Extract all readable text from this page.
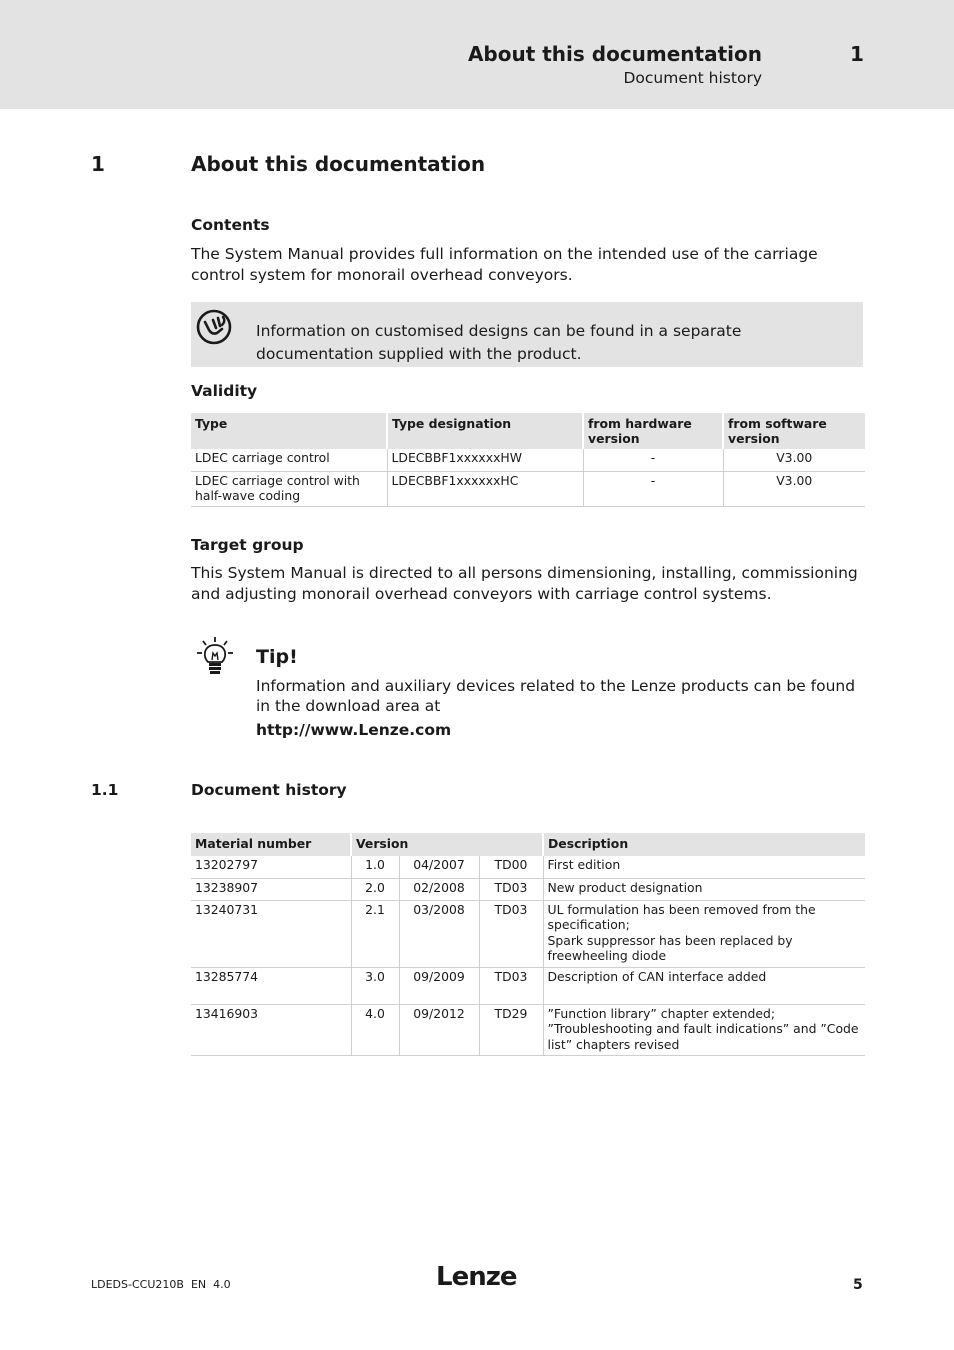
About this documentation
Document history
1
1	About this documentation
Contents
The System Manual provides full information on the intended use of the carriage control system for monorail overhead conveyors.
Information on customised designs can be found in a separate documentation supplied with the product.
Validity
Type	Type designation	from hardware version	from software version
LDEC carriage control	LDECBBF1xxxxxxHW	-	V3.00
LDEC carriage control with half-wave coding	LDECBBF1xxxxxxHC	-	V3.00
Target group
This System Manual is directed to all persons dimensioning, installing, commissioning and adjusting monorail overhead conveyors with carriage control systems.
Tip!
Information and auxiliary devices related to the Lenze products can be found in the download area at
http://www.Lenze.com
1.1	Document history
Material number	Version			Description
13202797	1.0	04/2007	TD00	First edition
13238907	2.0	02/2008	TD03	New product designation
13240731	2.1	03/2008	TD03	UL formulation has been removed from the specification;
Spark suppressor has been replaced by freewheeling diode
13285774	3.0	09/2009	TD03	Description of CAN interface added
13416903	4.0	09/2012	TD29	”Function library” chapter extended;
”Troubleshooting and fault indications” and ”Code list” chapters revised
LDEDS-CCU210B EN 4.0	Lenze	5
